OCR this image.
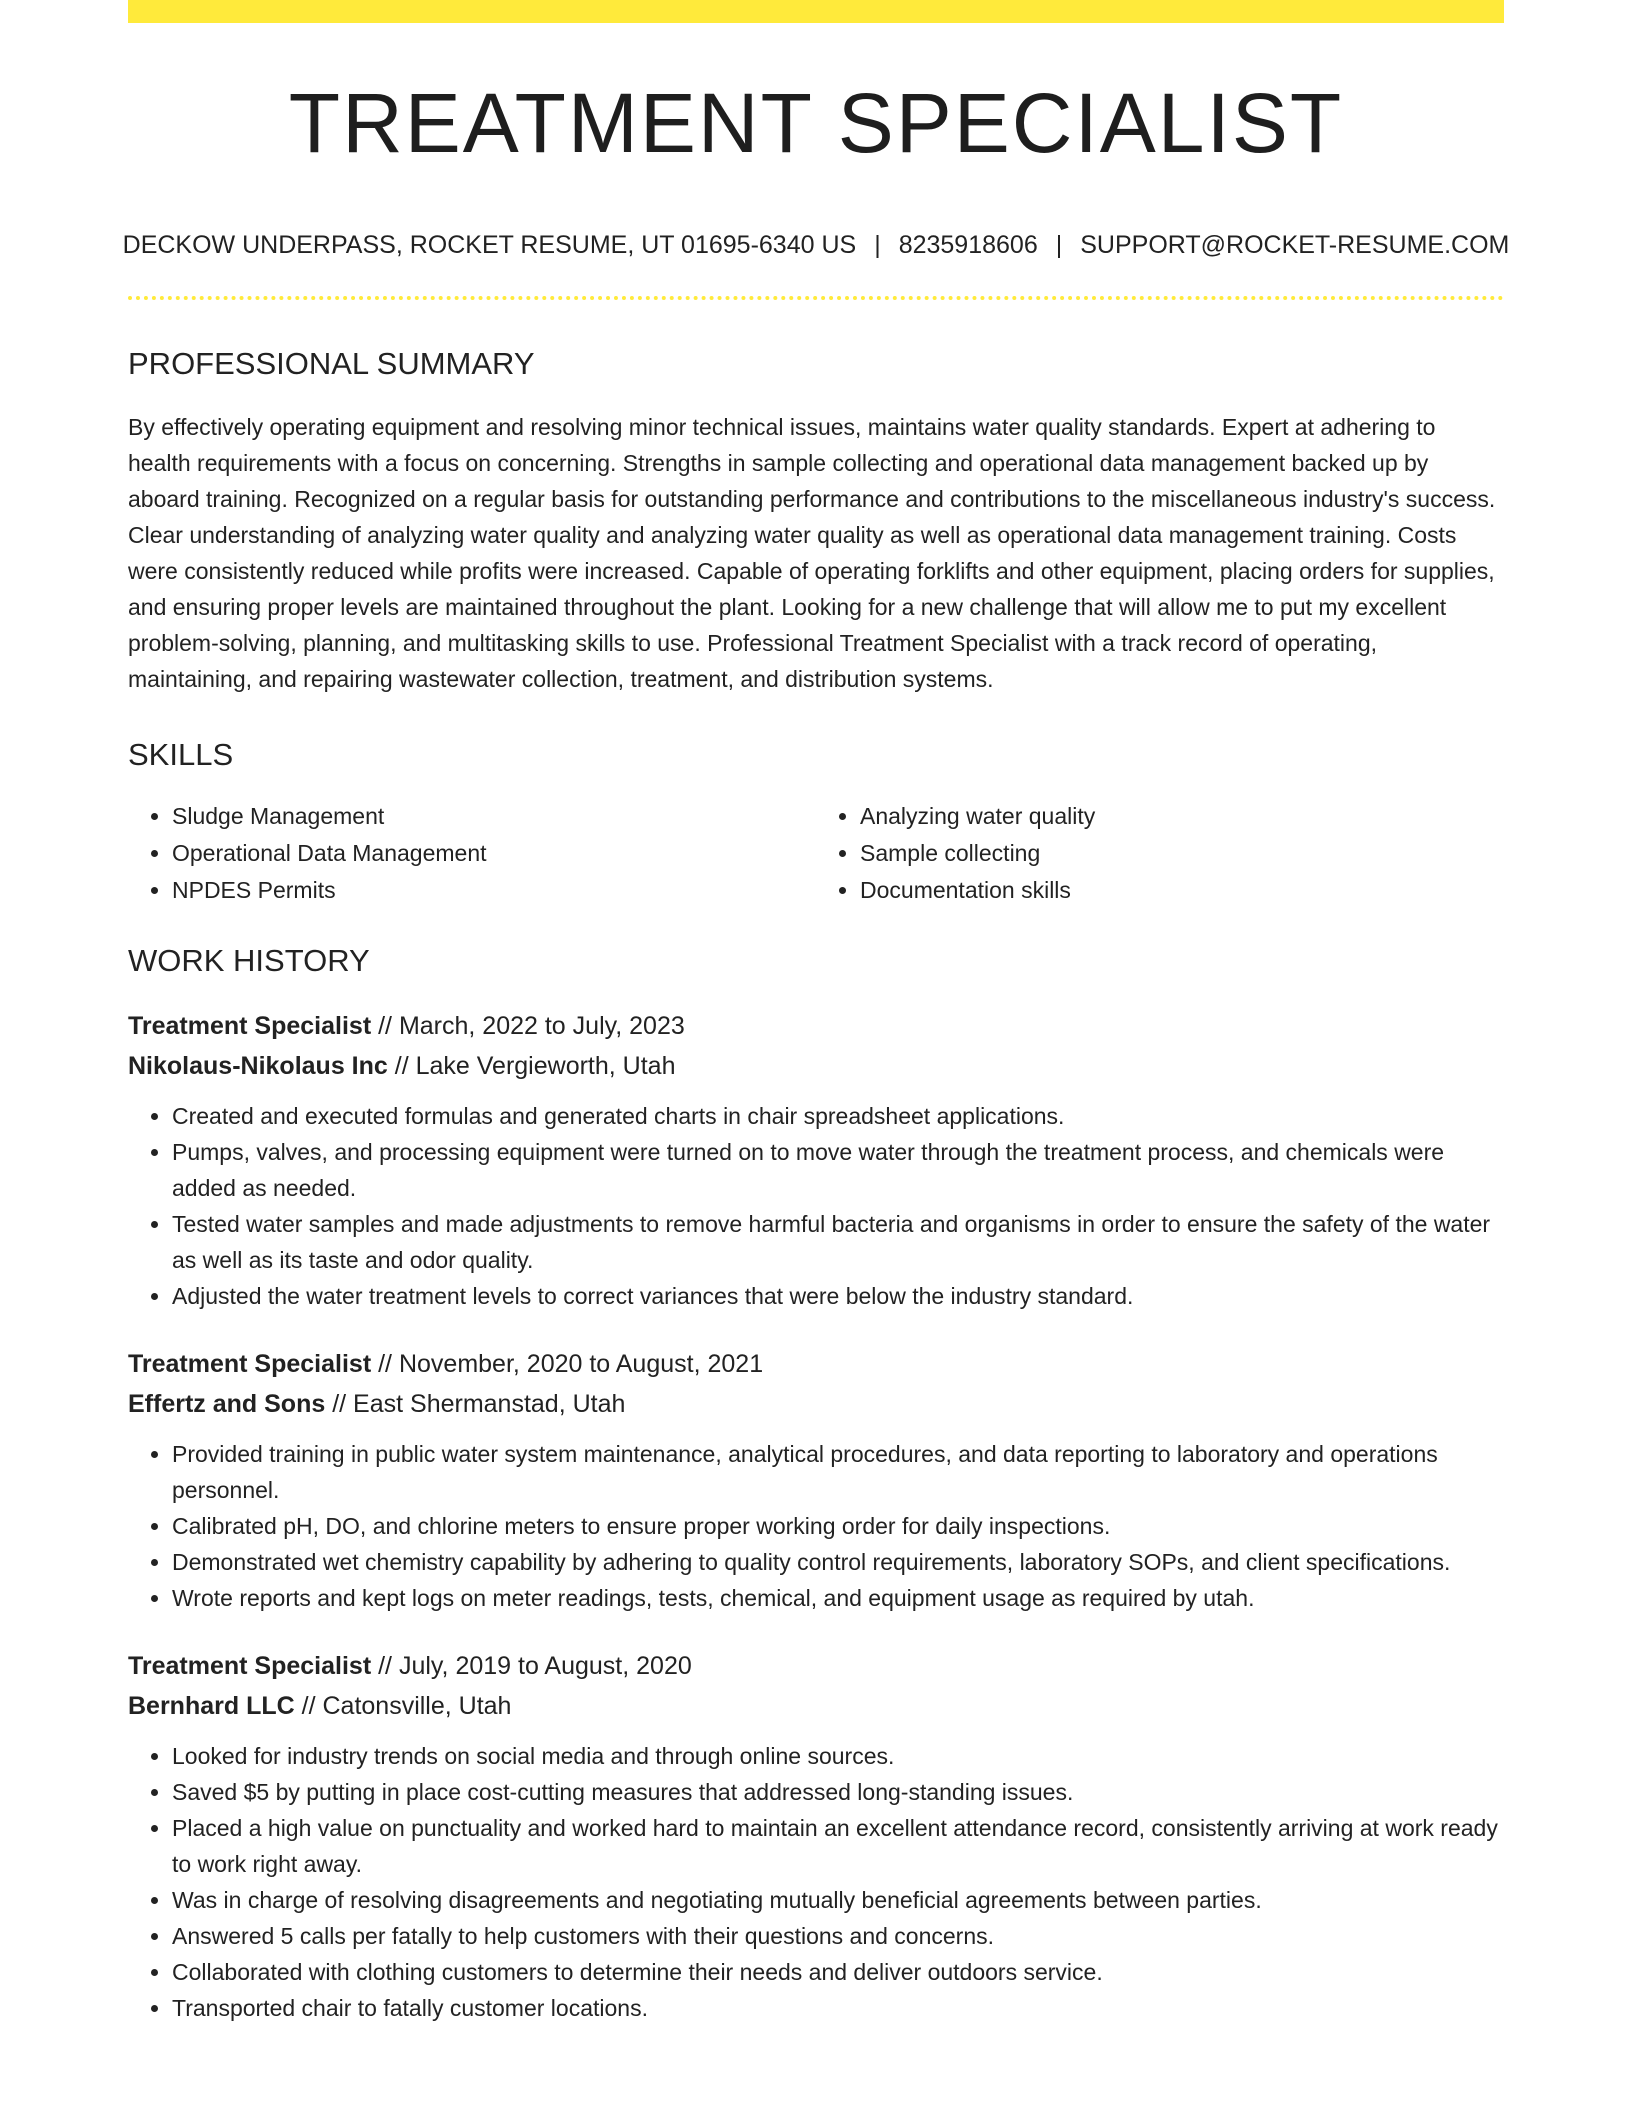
TREATMENT SPECIALIST
DECKOW UNDERPASS, ROCKET RESUME, UT 01695-6340 US | 8235918606 | SUPPORT@ROCKET-RESUME.COM
PROFESSIONAL SUMMARY

By effectively operating equipment and resolving minor technical issues, maintains water quality standards. Expert at adhering to health requirements with a focus on concerning. Strengths in sample collecting and operational data management backed up by aboard training. Recognized on a regular basis for outstanding performance and contributions to the miscellaneous industry's success. Clear understanding of analyzing water quality and analyzing water quality as well as operational data management training. Costs were consistently reduced while profits were increased. Capable of operating forklifts and other equipment, placing orders for supplies, and ensuring proper levels are maintained throughout the plant. Looking for a new challenge that will allow me to put my excellent problem-solving, planning, and multitasking skills to use. Professional Treatment Specialist with a track record of operating, maintaining, and repairing wastewater collection, treatment, and distribution systems.

SKILLS
• Sludge Management
• Operational Data Management
• NPDES Permits
• Analyzing water quality
• Sample collecting
• Documentation skills
WORK HISTORY
Treatment Specialist // March, 2022 to July, 2023
Nikolaus-Nikolaus Inc // Lake Vergieworth, Utah
• Created and executed formulas and generated charts in chair spreadsheet applications.
• Pumps, valves, and processing equipment were turned on to move water through the treatment process, and chemicals were added as needed.
• Tested water samples and made adjustments to remove harmful bacteria and organisms in order to ensure the safety of the water as well as its taste and odor quality.
• Adjusted the water treatment levels to correct variances that were below the industry standard.
Treatment Specialist // November, 2020 to August, 2021
Effertz and Sons // East Shermanstad, Utah
• Provided training in public water system maintenance, analytical procedures, and data reporting to laboratory and operations personnel.
• Calibrated pH, DO, and chlorine meters to ensure proper working order for daily inspections.
• Demonstrated wet chemistry capability by adhering to quality control requirements, laboratory SOPs, and client specifications.
• Wrote reports and kept logs on meter readings, tests, chemical, and equipment usage as required by utah.
Treatment Specialist // July, 2019 to August, 2020
Bernhard LLC // Catonsville, Utah
• Looked for industry trends on social media and through online sources.
• Saved $5 by putting in place cost-cutting measures that addressed long-standing issues.
• Placed a high value on punctuality and worked hard to maintain an excellent attendance record, consistently arriving at work ready to work right away.
• Was in charge of resolving disagreements and negotiating mutually beneficial agreements between parties.
• Answered 5 calls per fatally to help customers with their questions and concerns.
• Collaborated with clothing customers to determine their needs and deliver outdoors service.
• Transported chair to fatally customer locations.
